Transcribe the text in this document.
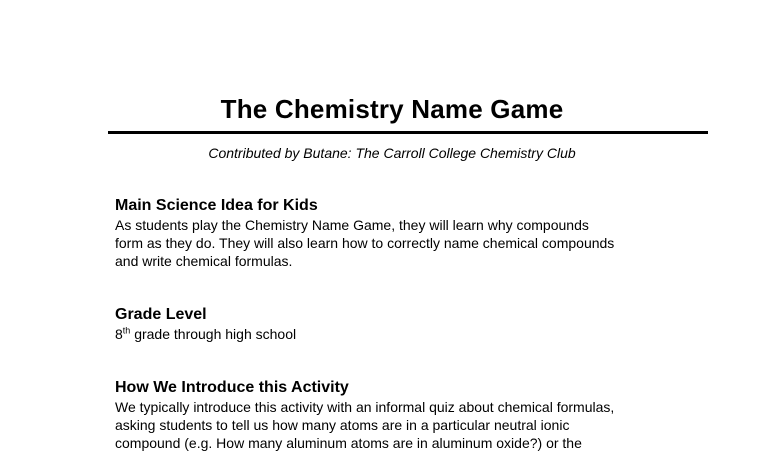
The Chemistry Name Game
Contributed by Butane: The Carroll College Chemistry Club

Main Science Idea for Kids

As students play the Chemistry Name Game, they will learn why compounds
form as they do. They will also learn how to correctly name chemical compounds
and write chemical formulas.

Grade Level

8th grade through high school

How We Introduce this Activity

We typically introduce this activity with an informal quiz about chemical formulas,
asking students to tell us how many atoms are in a particular neutral ionic
compound (e.g. How many aluminum atoms are in aluminum oxide?) or the
